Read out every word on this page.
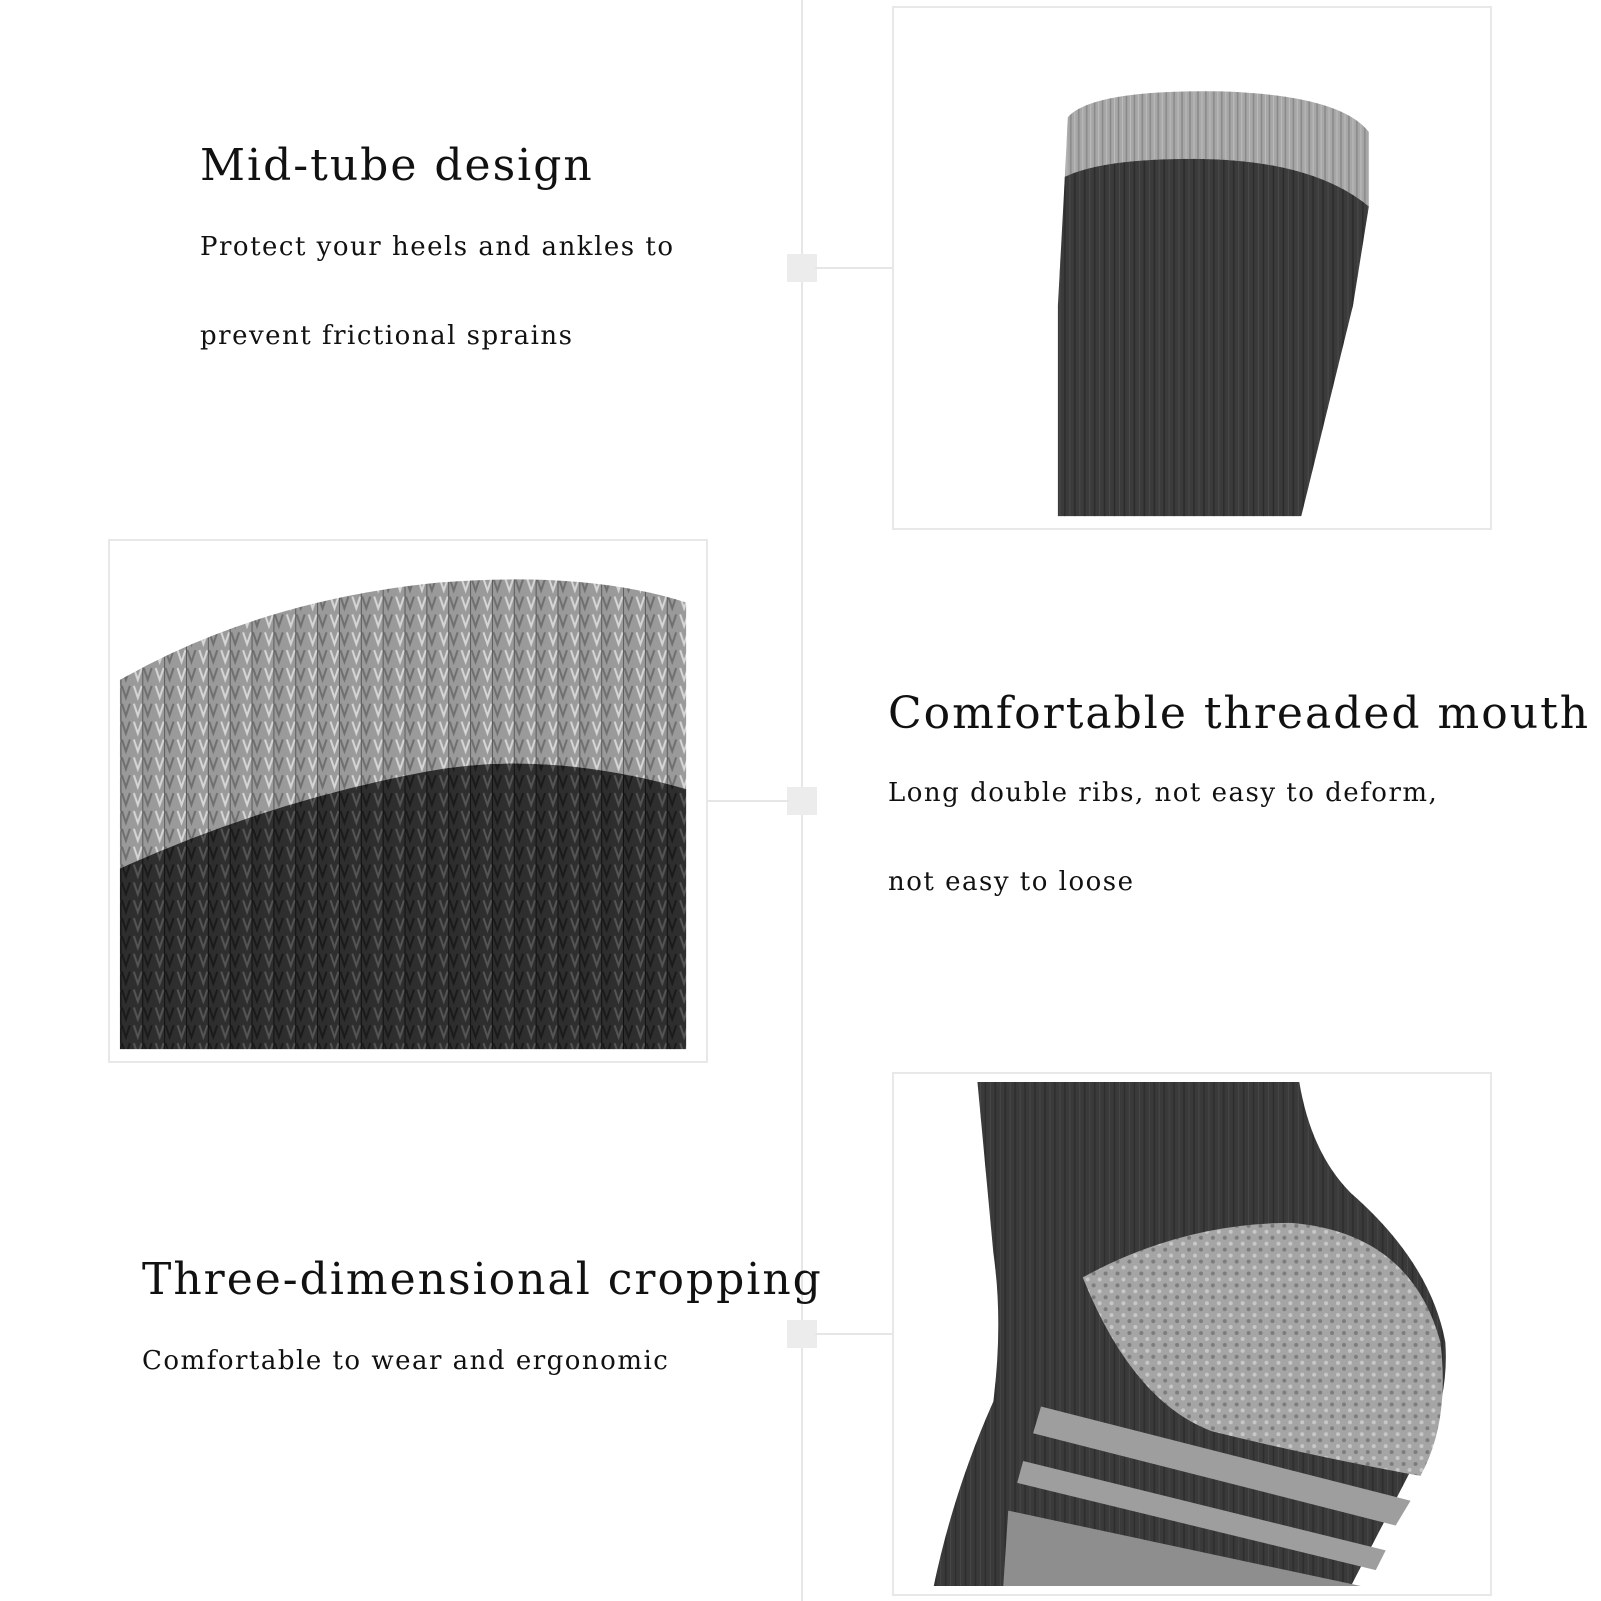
Mid-tube design

Protect your heels and ankles to

prevent frictional sprains

Comfortable threaded mouth

Long double ribs, not easy to deform,

not easy to loose

Three-dimensional cropping

Comfortable to wear and ergonomic
